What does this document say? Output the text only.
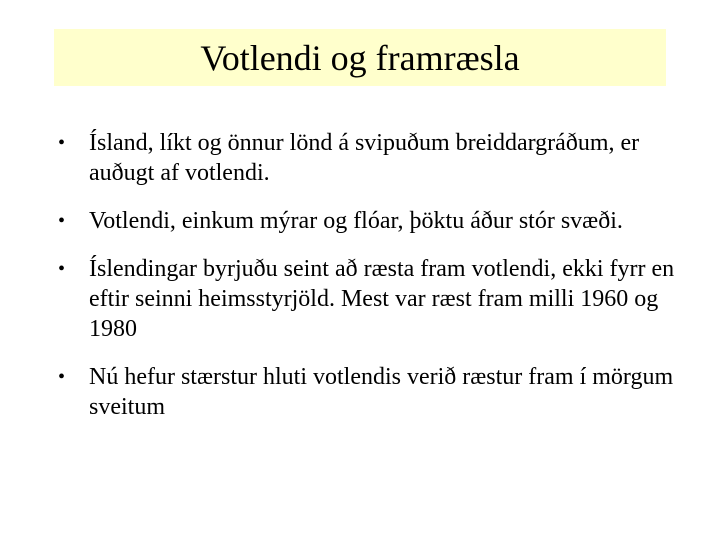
Votlendi og framræsla
• Ísland, líkt og önnur lönd á svipuðum breiddargráðum, er auðugt af votlendi.
• Votlendi, einkum mýrar og flóar, þöktu áður stór svæði.
• Íslendingar byrjuðu seint að ræsta fram votlendi, ekki fyrr en eftir seinni heimsstyrjöld. Mest var ræst fram milli 1960 og 1980
• Nú hefur stærstur hluti votlendis verið ræstur fram í mörgum sveitum
